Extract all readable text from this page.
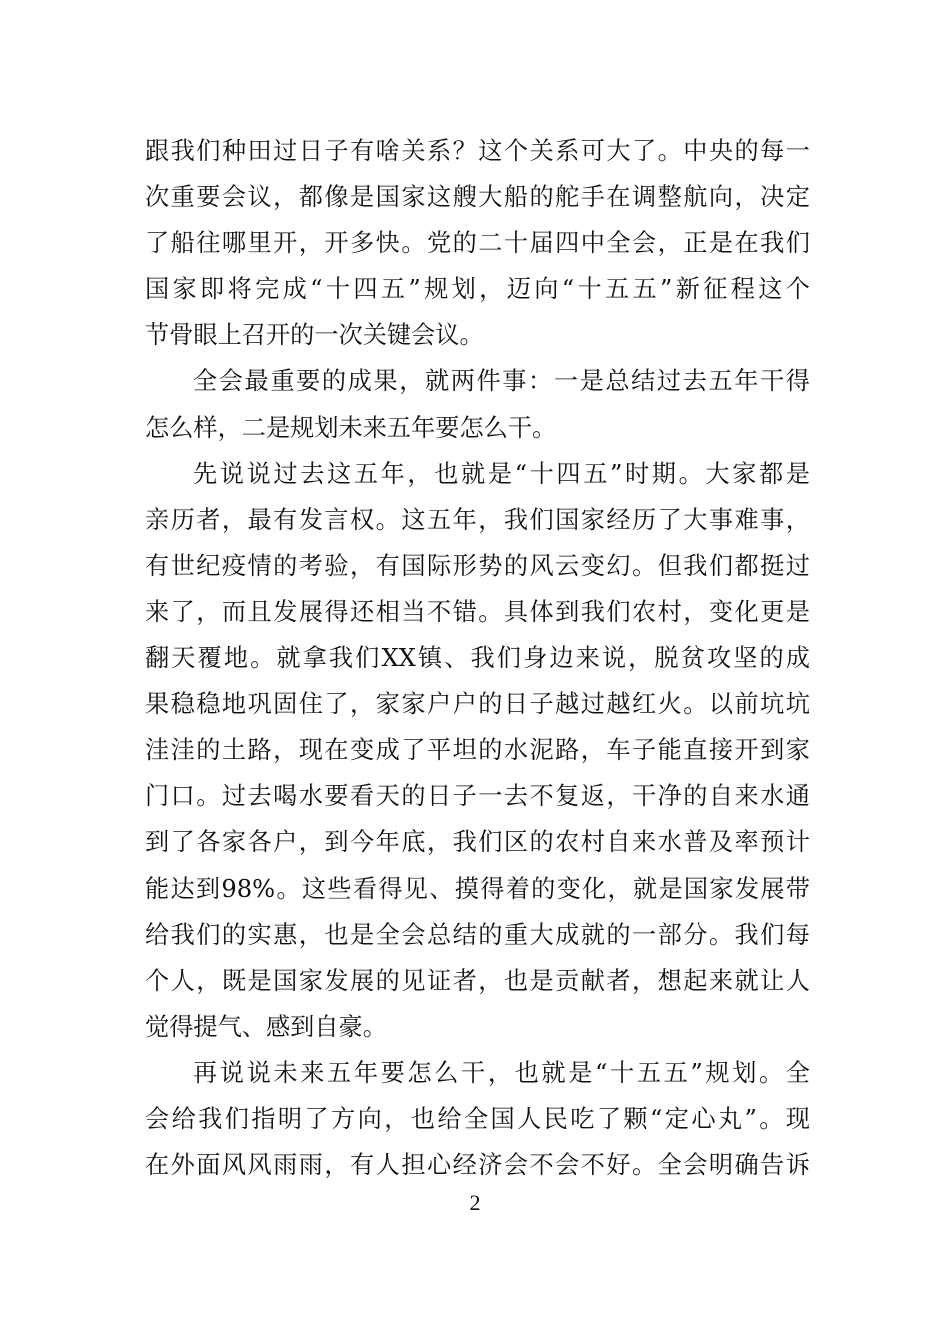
跟我们种田过日子有啥关系？这个关系可大了。中央的每一
次重要会议，都像是国家这艘大船的舵手在调整航向，决定
了船往哪里开，开多快。党的二十届四中全会，正是在我们
国家即将完成“十四五”规划，迈向“十五五”新征程这个
节骨眼上召开的一次关键会议。
全会最重要的成果，就两件事：一是总结过去五年干得
怎么样，二是规划未来五年要怎么干。
先说说过去这五年，也就是“十四五”时期。大家都是
亲历者，最有发言权。这五年，我们国家经历了大事难事，
有世纪疫情的考验，有国际形势的风云变幻。但我们都挺过
来了，而且发展得还相当不错。具体到我们农村，变化更是
翻天覆地。就拿我们XX镇、我们身边来说，脱贫攻坚的成
果稳稳地巩固住了，家家户户的日子越过越红火。以前坑坑
洼洼的土路，现在变成了平坦的水泥路，车子能直接开到家
门口。过去喝水要看天的日子一去不复返，干净的自来水通
到了各家各户，到今年底，我们区的农村自来水普及率预计
能达到98%。这些看得见、摸得着的变化，就是国家发展带
给我们的实惠，也是全会总结的重大成就的一部分。我们每
个人，既是国家发展的见证者，也是贡献者，想起来就让人
觉得提气、感到自豪。
再说说未来五年要怎么干，也就是“十五五”规划。全
会给我们指明了方向，也给全国人民吃了颗“定心丸”。现
在外面风风雨雨，有人担心经济会不会不好。全会明确告诉
2
